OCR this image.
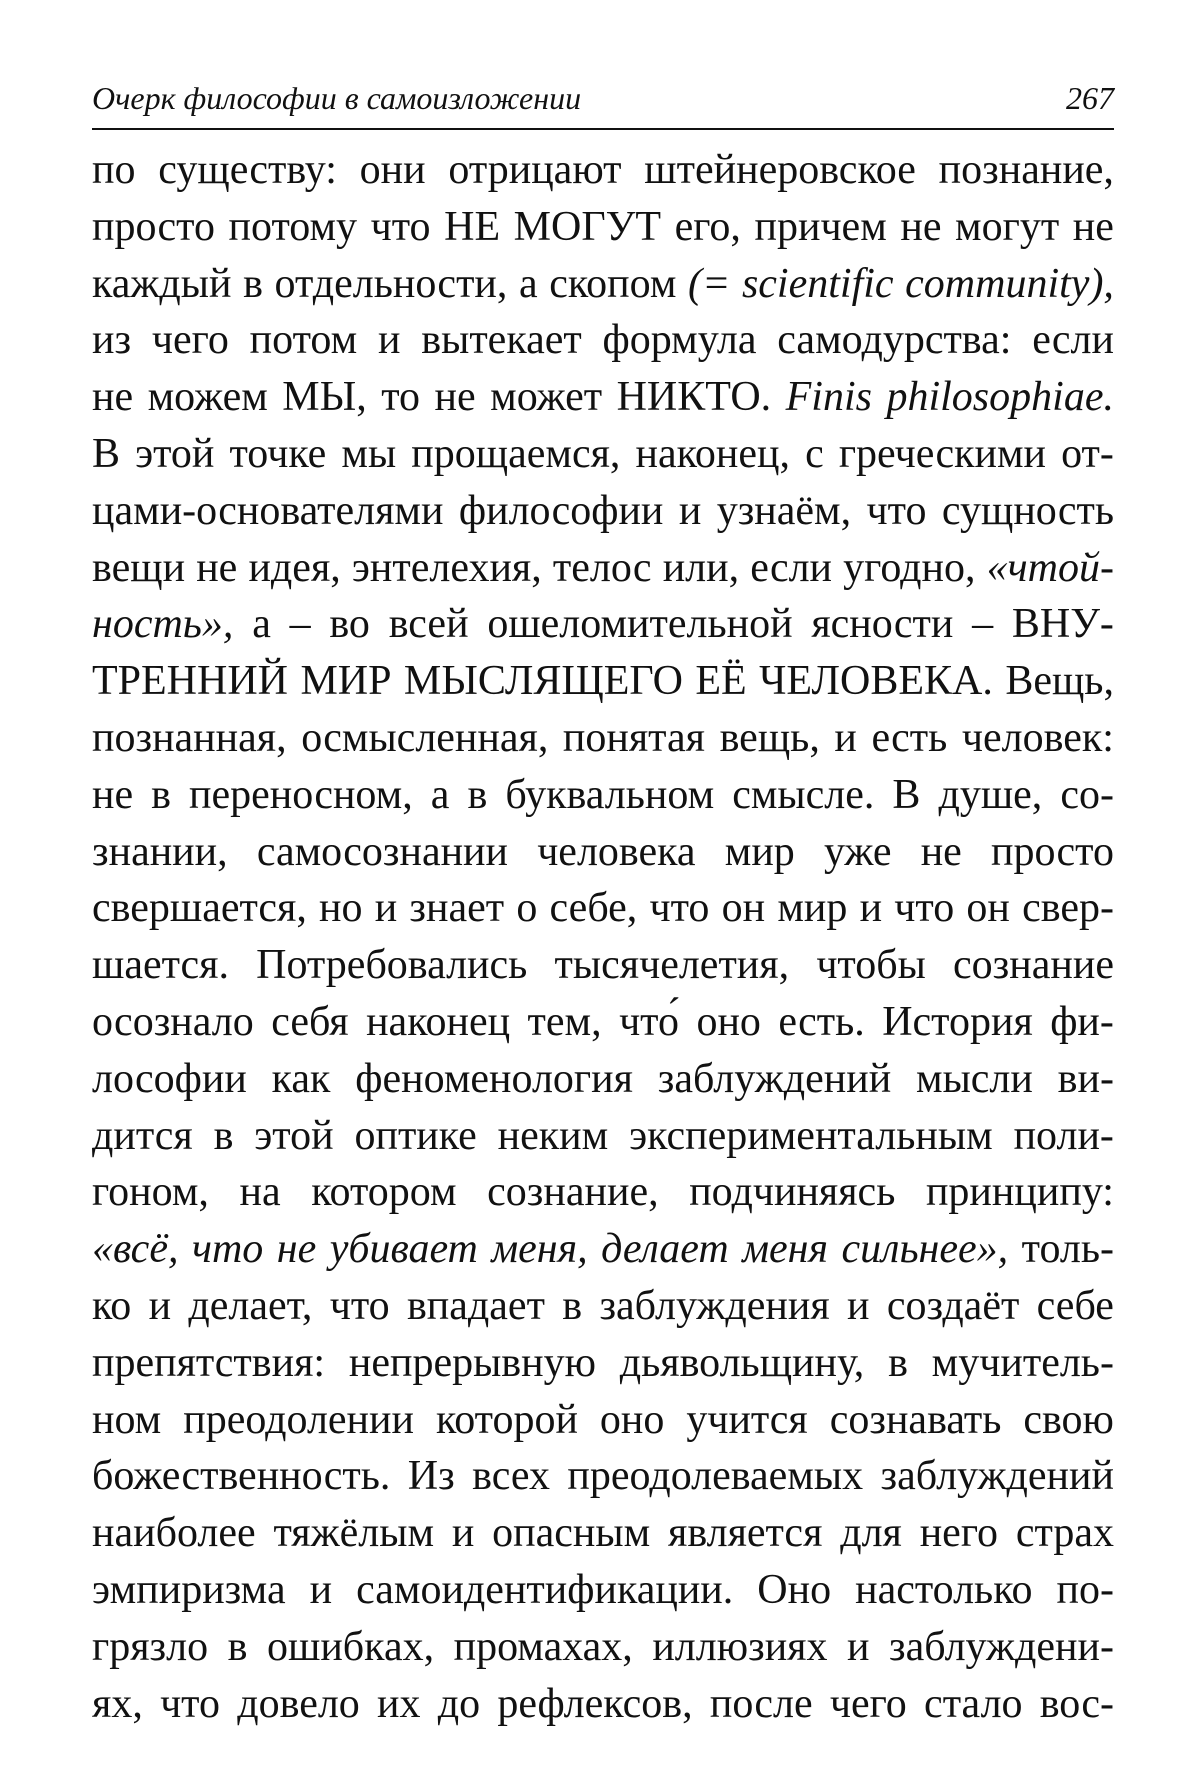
Очерк философии в самоизложении	267
по существу: они отрицают штейнеровское познание,
просто потому что НЕ МОГУТ его, причем не могут не
каждый в отдельности, а скопом (= scientific community),
из чего потом и вытекает формула самодурства: если
не можем МЫ, то не может НИКТО. Finis philosophiae.
В этой точке мы прощаемся, наконец, с греческими от-
цами-основателями философии и узнаём, что сущность
вещи не идея, энтелехия, телос или, если угодно, «чтой-
ность», а – во всей ошеломительной ясности – ВНУ-
ТРЕННИЙ МИР МЫСЛЯЩЕГО ЕЁ ЧЕЛОВЕКА. Вещь,
познанная, осмысленная, понятая вещь, и есть человек:
не в переносном, а в буквальном смысле. В душе, со-
знании, самосознании человека мир уже не просто
свершается, но и знает о себе, что он мир и что он свер-
шается. Потребовались тысячелетия, чтобы сознание
осознало себя наконец тем, что́ оно есть. История фи-
лософии как феноменология заблуждений мысли ви-
дится в этой оптике неким экспериментальным поли-
гоном, на котором сознание, подчиняясь принципу:
«всё, что не убивает меня, делает меня сильнее», толь-
ко и делает, что впадает в заблуждения и создаёт себе
препятствия: непрерывную дьявольщину, в мучитель-
ном преодолении которой оно учится сознавать свою
божественность. Из всех преодолеваемых заблуждений
наиболее тяжёлым и опасным является для него страх
эмпиризма и самоидентификации. Оно настолько по-
грязло в ошибках, промахах, иллюзиях и заблуждени-
ях, что довело их до рефлексов, после чего стало вос-
